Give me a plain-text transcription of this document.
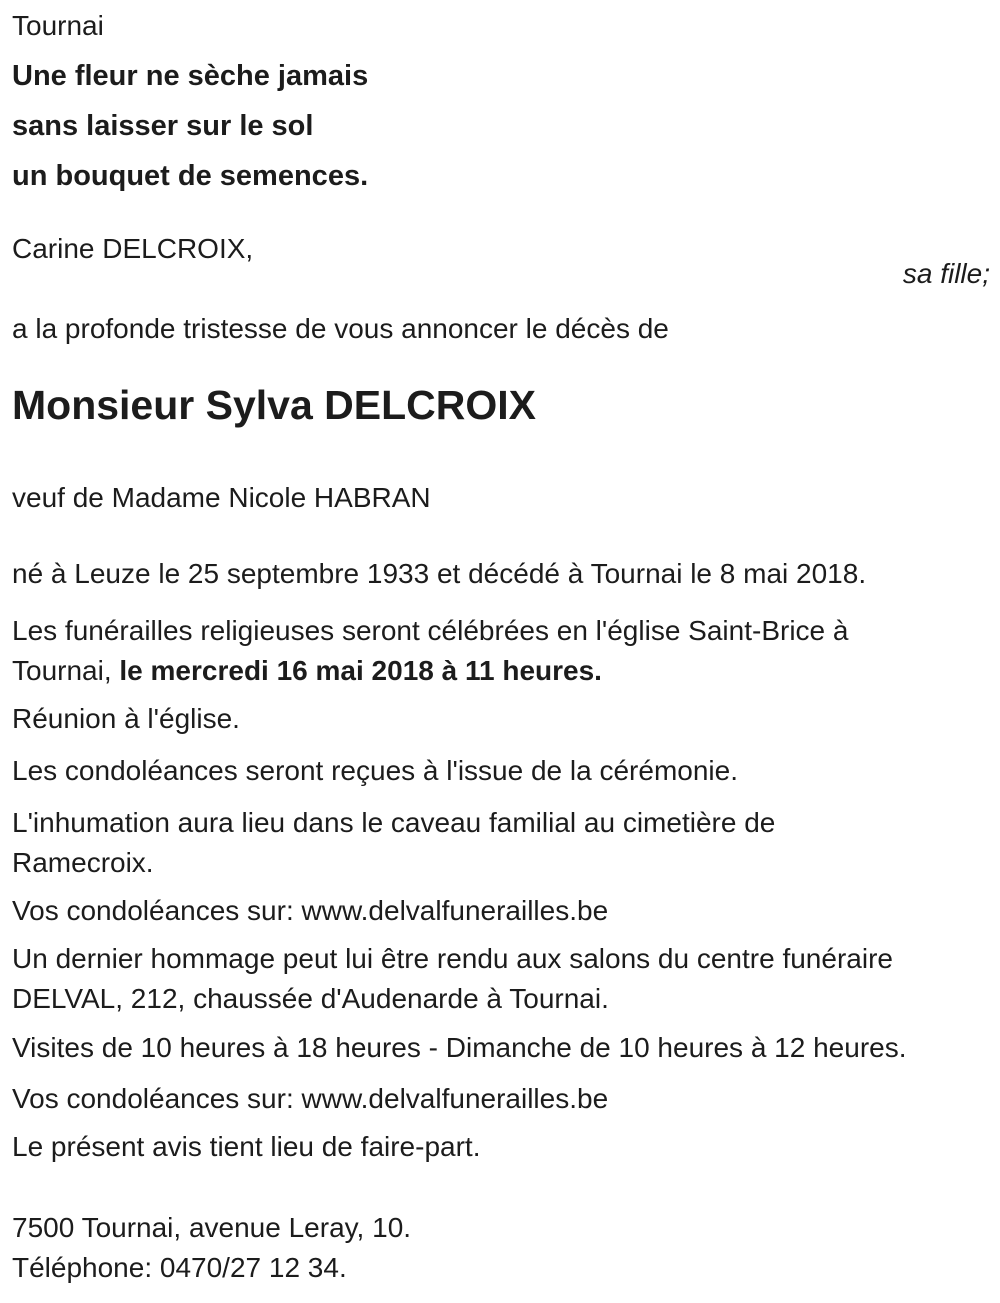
Tournai

Une fleur ne sèche jamais

sans laisser sur le sol

un bouquet de semences.

Carine DELCROIX,

sa fille;

a la profonde tristesse de vous annoncer le décès de

Monsieur Sylva DELCROIX

veuf de Madame Nicole HABRAN

né à Leuze le 25 septembre 1933 et décédé à Tournai le 8 mai 2018.

Les funérailles religieuses seront célébrées en l'église Saint-Brice à
Tournai, le mercredi 16 mai 2018 à 11 heures.

Réunion à l'église.

Les condoléances seront reçues à l'issue de la cérémonie.

L'inhumation aura lieu dans le caveau familial au cimetière de
Ramecroix.

Vos condoléances sur: www.delvalfunerailles.be

Un dernier hommage peut lui être rendu aux salons du centre funéraire
DELVAL, 212, chaussée d'Audenarde à Tournai.

Visites de 10 heures à 18 heures - Dimanche de 10 heures à 12 heures.

Vos condoléances sur: www.delvalfunerailles.be

Le présent avis tient lieu de faire-part.

7500 Tournai, avenue Leray, 10.

Téléphone: 0470/27 12 34.
